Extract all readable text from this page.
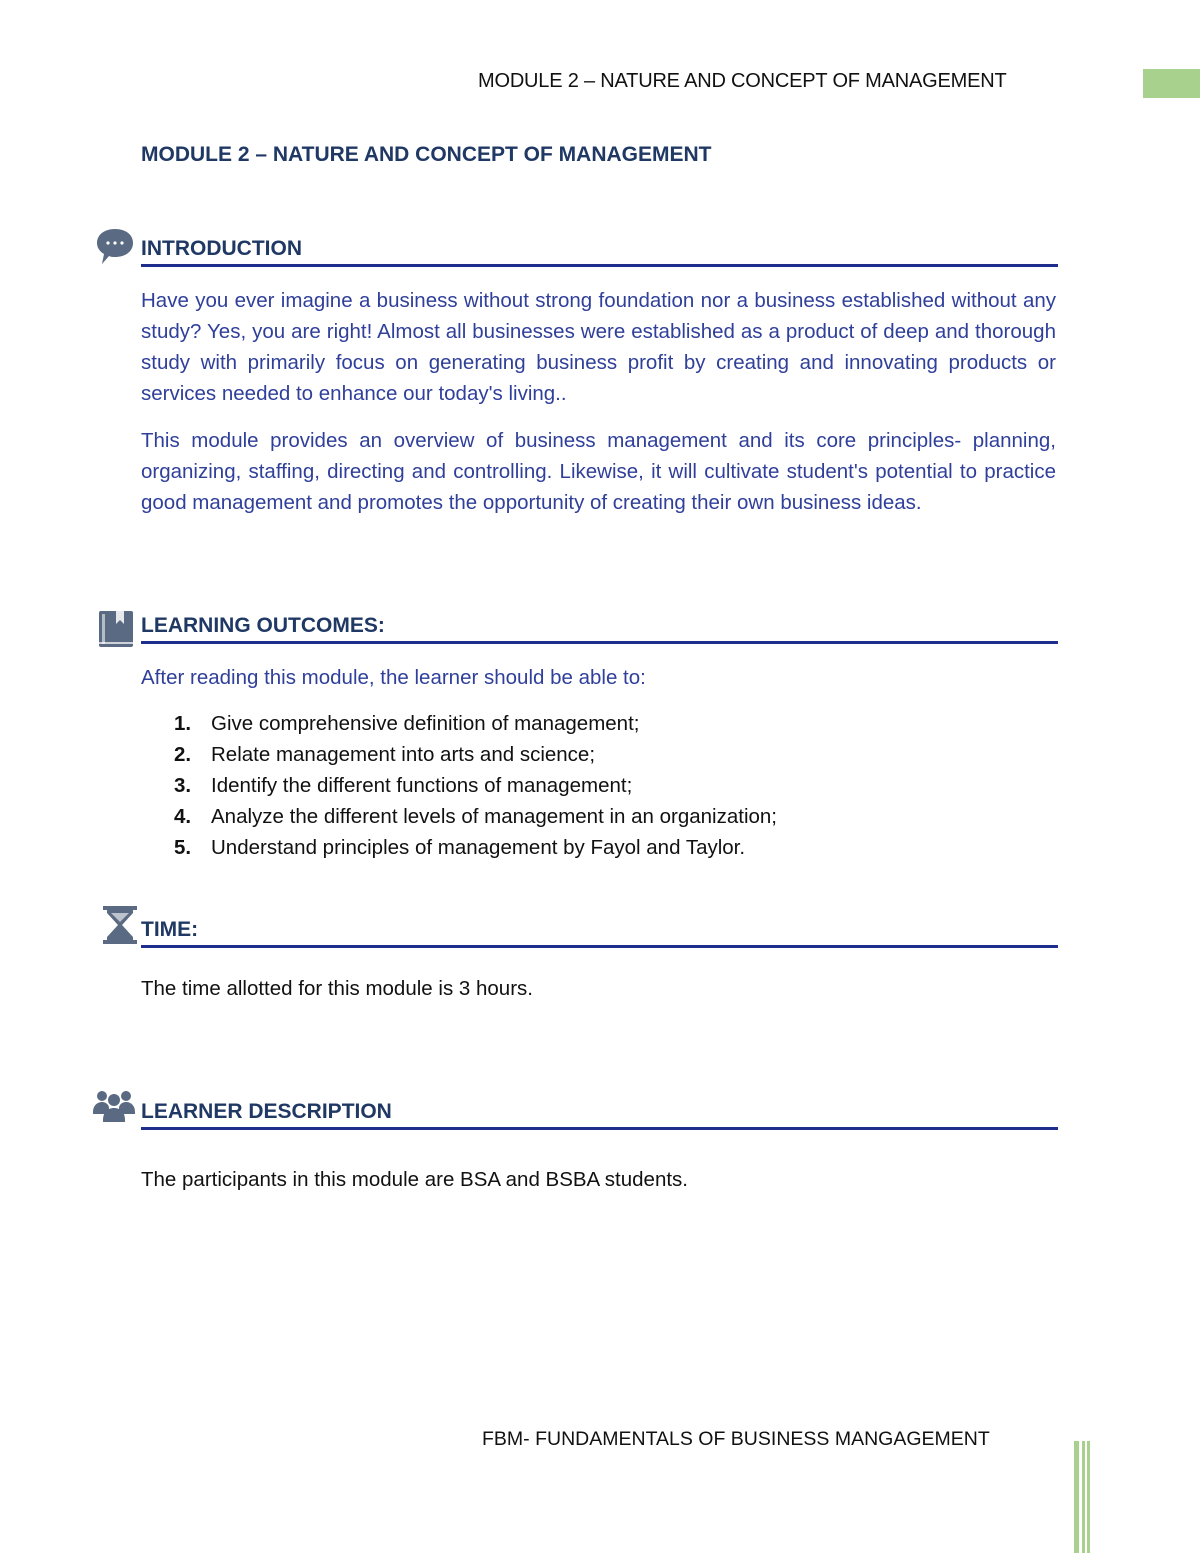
MODULE 2 – NATURE AND CONCEPT OF MANAGEMENT
MODULE 2 – NATURE AND CONCEPT OF MANAGEMENT
INTRODUCTION

Have you ever imagine a business without strong foundation nor a business established without any study? Yes, you are right! Almost all businesses were established as a product of deep and thorough study with primarily focus on generating business profit by creating and innovating products or services needed to enhance our today's living..

This module provides an overview of business management and its core principles- planning, organizing, staffing, directing and controlling. Likewise, it will cultivate student's potential to practice good management and promotes the opportunity of creating their own business ideas.

LEARNING OUTCOMES:

After reading this module, the learner should be able to:

1. Give comprehensive definition of management;
2. Relate management into arts and science;
3. Identify the different functions of management;
4. Analyze the different levels of management in an organization;
5. Understand principles of management by Fayol and Taylor.
TIME:

The time allotted for this module is 3 hours.

LEARNER DESCRIPTION

The participants in this module are BSA and BSBA students.

FBM- FUNDAMENTALS OF BUSINESS MANGAGEMENT
